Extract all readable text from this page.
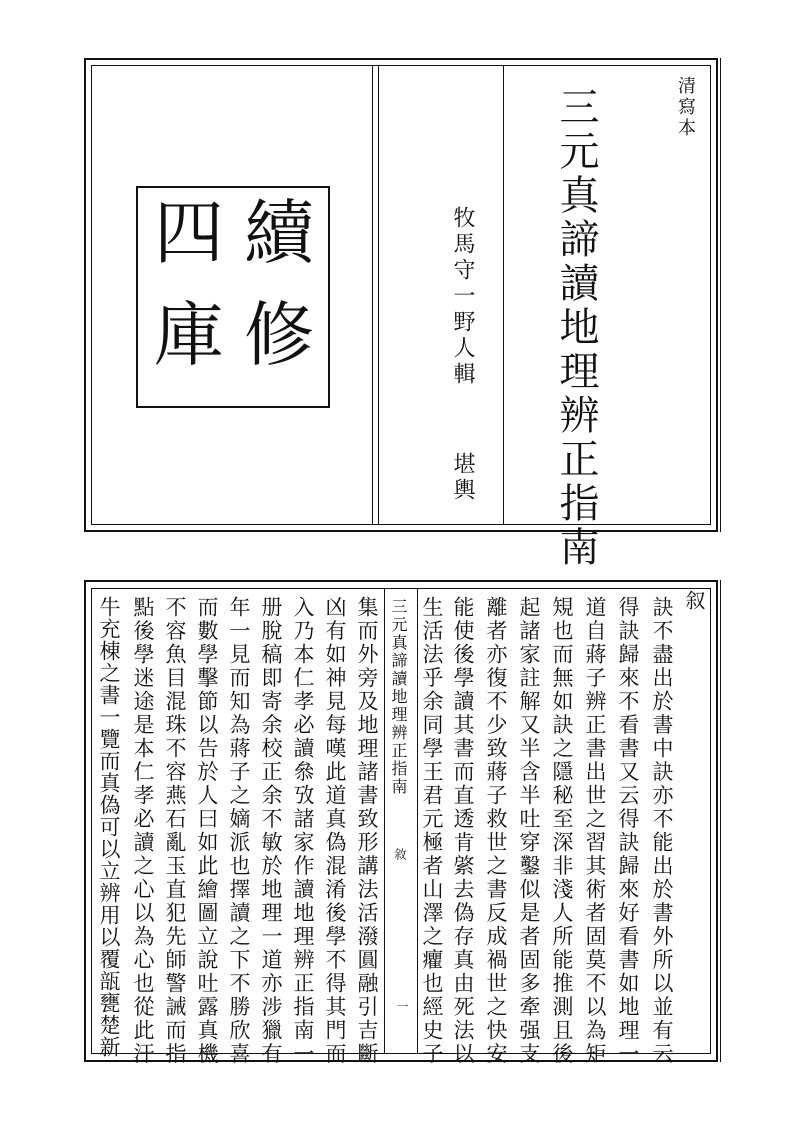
續
修
四
庫	三元真諦讀地理辨正指南
牧馬守一野人輯
堪輿
清寫本
叙
三元真諦讀地理辨正指南
敘
一	訣不盡出於書中訣亦不能出於書外所以並有云
得訣歸來不看書又云得訣歸來好看書如地理一
道自蔣子辨正書出世之習其術者固莫不以為矩
䂓也而無如訣之隱秘至深非淺人所能推測且後
起諸家註解又半含半吐穿鑿似是者固多牽强支
離者亦復不少致蔣子救世之書反成禍世之快安
能使後學讀其書而直透肯綮去偽存真由死法以
生活法乎余同學王君元極者山澤之癯也經史子
集而外旁及地理諸書致形講法活潑圓融引吉斷
凶有如神見每嘆此道真偽混淆後學不得其門而
入乃本仁孝必讀叅攷諸家作讀地理辨正指南一
册脫稿即寄余校正余不敏於地理一道亦涉獵有
年一見而知為蔣子之嫡派也擇讀之下不勝欣喜
而數學擊節以告於人曰如此繪圖立說吐露真機
不容魚目混珠不容燕石亂玉直犯先師警誡而指
點後學迷途是本仁孝必讀之心以為心也從此汗
牛充棟之書一覽而真偽可以立辨用以覆瓿甕楚新
